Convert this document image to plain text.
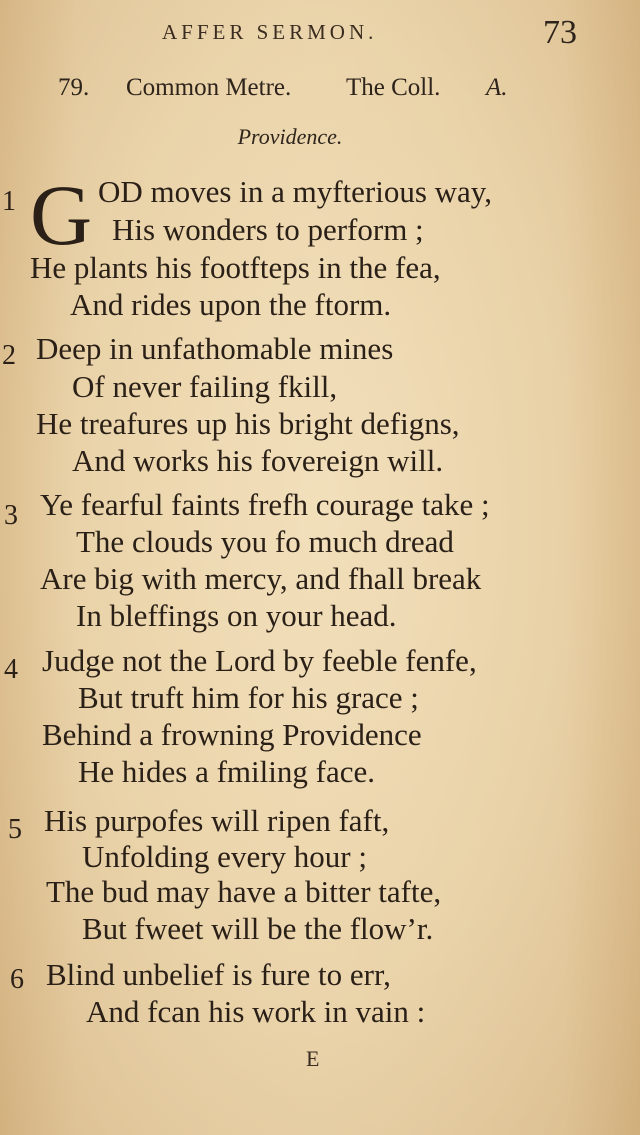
AFFER SERMON.	73
79. Common Metre. The Coll. A.
Providence.
G
1	OD moves in a myfterious way,
His wonders to perform ;
He plants his footfteps in the fea,
And rides upon the ftorm.
2 Deep in unfathomable mines
Of never failing fkill,
He treafures up his bright defigns,
And works his fovereign will.
3 Ye fearful faints frefh courage take ;
The clouds you fo much dread
Are big with mercy, and fhall break
In bleffings on your head.
4 Judge not the Lord by feeble fenfe,
But truft him for his grace ;
Behind a frowning Providence
He hides a fmiling face.
5 His purpofes will ripen faft,
Unfolding every hour ;
The bud may have a bitter tafte,
But fweet will be the flow’r.
6 Blind unbelief is fure to err,
And fcan his work in vain :
E
